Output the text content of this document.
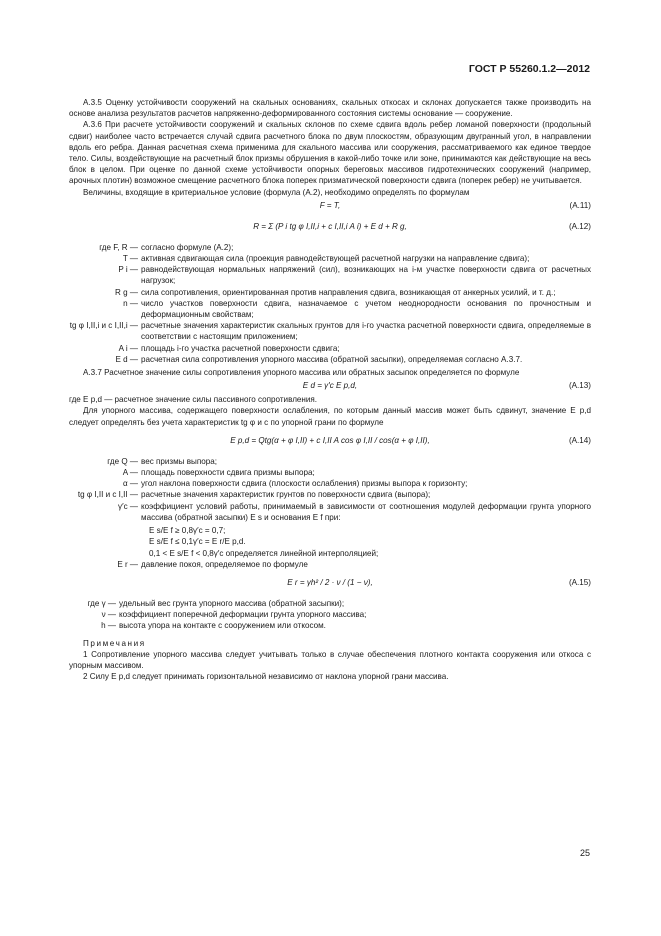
ГОСТ Р 55260.1.2—2012

А.3.5 Оценку устойчивости сооружений на скальных основаниях, скальных откосах и склонах допускается также производить на основе анализа результатов расчетов напряженно-деформированного состояния системы основание — сооружение.

А.3.6 При расчете устойчивости сооружений и скальных склонов по схеме сдвига вдоль ребер ломаной поверхности (продольный сдвиг) наиболее часто встречается случай сдвига расчетного блока по двум плоскостям, образующим двугранный угол, в направлении вдоль его ребра. Данная расчетная схема применима для скального массива или сооружения, рассматриваемого как единое твердое тело. Силы, воздействующие на расчетный блок призмы обрушения в какой-либо точке или зоне, принимаются как действующие на весь блок в целом. При оценке по данной схеме устойчивости опорных береговых массивов гидротехнических сооружений (например, арочных плотин) возможное смещение расчетного блока поперек призматической поверхности сдвига (поперек ребер) не учитывается.

Величины, входящие в критериальное условие (формула (А.2), необходимо определять по формулам

F = T,	(А.11)
R = Σ (P i tg φ I,II,i + c I,II,i A i) + E d + R g,	(А.12)
где F, R — согласно формуле (А.2);
T — активная сдвигающая сила (проекция равнодействующей расчетной нагрузки на направление сдвига);
P i — равнодействующая нормальных напряжений (сил), возникающих на i-м участке поверхности сдвига от расчетных нагрузок;
R g — сила сопротивления, ориентированная против направления сдвига, возникающая от анкерных усилий, и т. д.;
n — число участков поверхности сдвига, назначаемое с учетом неоднородности основания по прочностным и деформационным свойствам;
tg φ I,II,i и c I,II,i — расчетные значения характеристик скальных грунтов для i-го участка расчетной поверхности сдвига, определяемые в соответствии с настоящим приложением;
A i — площадь i-го участка расчетной поверхности сдвига;
E d — расчетная сила сопротивления упорного массива (обратной засыпки), определяемая согласно А.3.7.

А.3.7 Расчетное значение силы сопротивления упорного массива или обратных засыпок определяется по формуле

E d = γ′c E p,d,	(А.13)

где E p,d — расчетное значение силы пассивного сопротивления.

Для упорного массива, содержащего поверхности ослабления, по которым данный массив может быть сдвинут, значение E p,d следует определять без учета характеристик tg φ и c по упорной грани по формуле

E p,d = Qtg(α + φ I,II) + c I,II A cos φ I,II / cos(α + φ I,II),	(А.14)
где Q — вес призмы выпора;
A — площадь поверхности сдвига призмы выпора;
α — угол наклона поверхности сдвига (плоскости ослабления) призмы выпора к горизонту;
tg φ I,II и c I,II — расчетные значения характеристик грунтов по поверхности сдвига (выпора);
γ′c — коэффициент условий работы, принимаемый в зависимости от соотношения модулей деформации грунта упорного массива (обратной засыпки) E s и основания E f при:
E s/E f ≥ 0,8γ′c = 0,7;
E s/E f ≤ 0,1γ′c = E r/E p,d.
0,1 < E s/E f < 0,8γ′c определяется линейной интерполяцией;
E r — давление покоя, определяемое по формуле
E r = γh² / 2 · ν / (1 − ν),	(А.15)
где γ — удельный вес грунта упорного массива (обратной засыпки);
ν — коэффициент поперечной деформации грунта упорного массива;
h — высота упора на контакте с сооружением или откосом.

Примечания

1 Сопротивление упорного массива следует учитывать только в случае обеспечения плотного контакта сооружения или откоса с упорным массивом.

2 Силу E p,d следует принимать горизонтальной независимо от наклона упорной грани массива.

25
